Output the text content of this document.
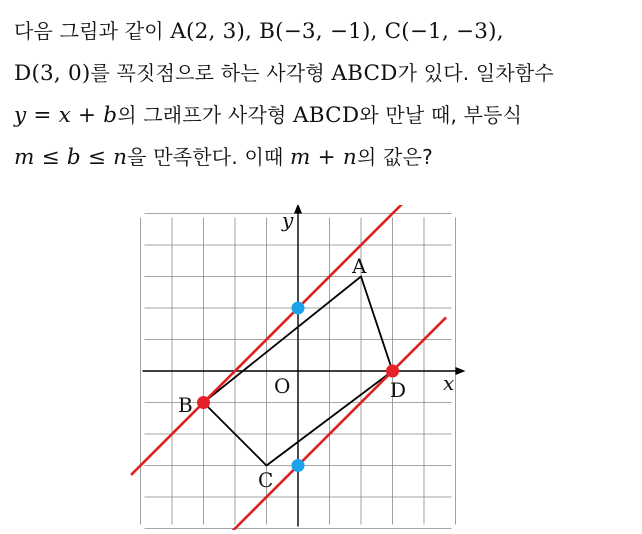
다음 그림과 같이 A(2, 3), B(−3, −1), C(−1, −3),
D(3, 0)를 꼭짓점으로 하는 사각형 ABCD가 있다. 일차함수
y = x + b의 그래프가 사각형 ABCD와 만날 때, 부등식
m ≤ b ≤ n을 만족한다. 이때 m + n의 값은?
x
y
O
A
B
C
D
